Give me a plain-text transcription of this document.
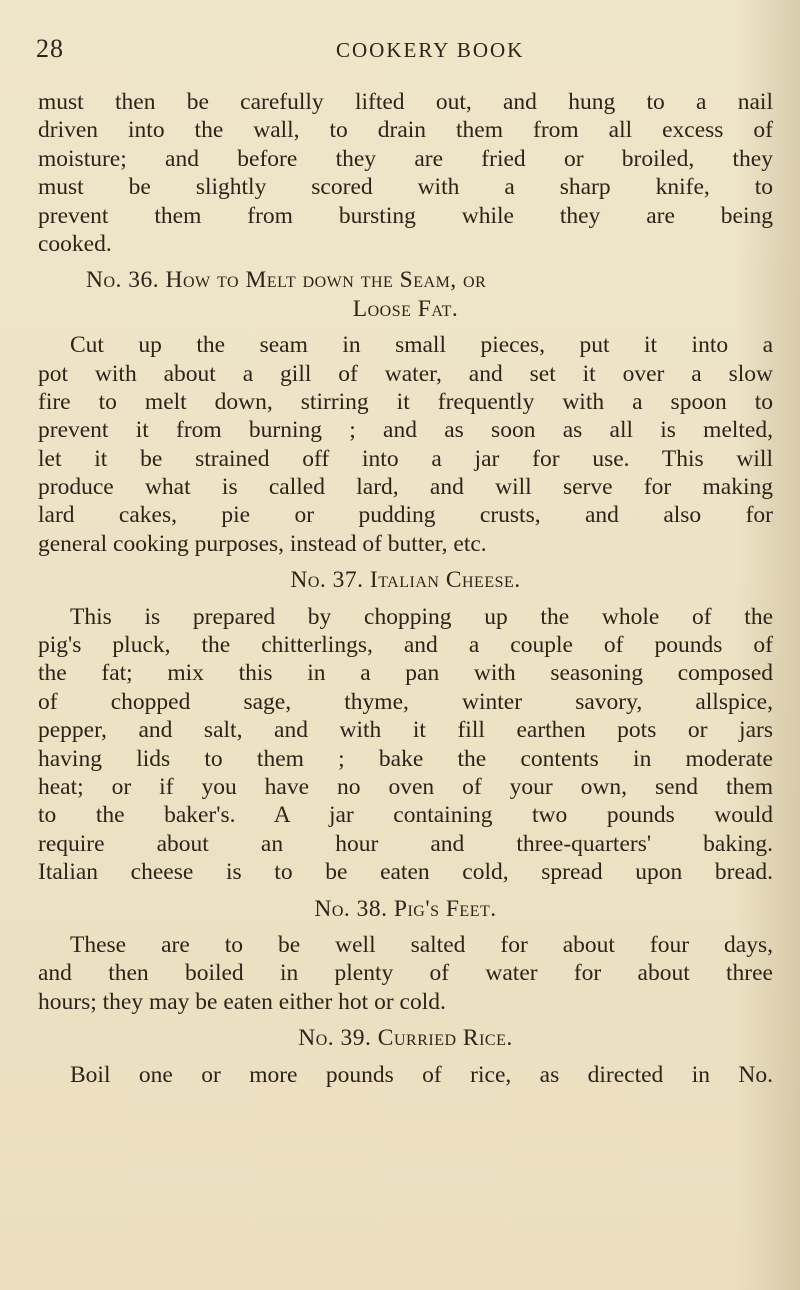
28	COOKERY BOOK
must then be carefully lifted out, and hung to a nail
driven into the wall, to drain them from all excess of
moisture; and before they are fried or broiled, they
must be slightly scored with a sharp knife, to
prevent them from bursting while they are being
cooked.
No. 36. How to Melt down the Seam, or
Loose Fat.
Cut up the seam in small pieces, put it into a
pot with about a gill of water, and set it over a slow
fire to melt down, stirring it frequently with a spoon to
prevent it from burning ; and as soon as all is melted,
let it be strained off into a jar for use. This will
produce what is called lard, and will serve for making
lard cakes, pie or pudding crusts, and also for
general cooking purposes, instead of butter, etc.
No. 37. Italian Cheese.
This is prepared by chopping up the whole of the
pig's pluck, the chitterlings, and a couple of pounds of
the fat; mix this in a pan with seasoning composed
of chopped sage, thyme, winter savory, allspice,
pepper, and salt, and with it fill earthen pots or jars
having lids to them ; bake the contents in moderate
heat; or if you have no oven of your own, send them
to the baker's. A jar containing two pounds would
require about an hour and three-quarters' baking.
Italian cheese is to be eaten cold, spread upon bread.
No. 38. Pig's Feet.
These are to be well salted for about four days,
and then boiled in plenty of water for about three
hours; they may be eaten either hot or cold.
No. 39. Curried Rice.
Boil one or more pounds of rice, as directed in No.
